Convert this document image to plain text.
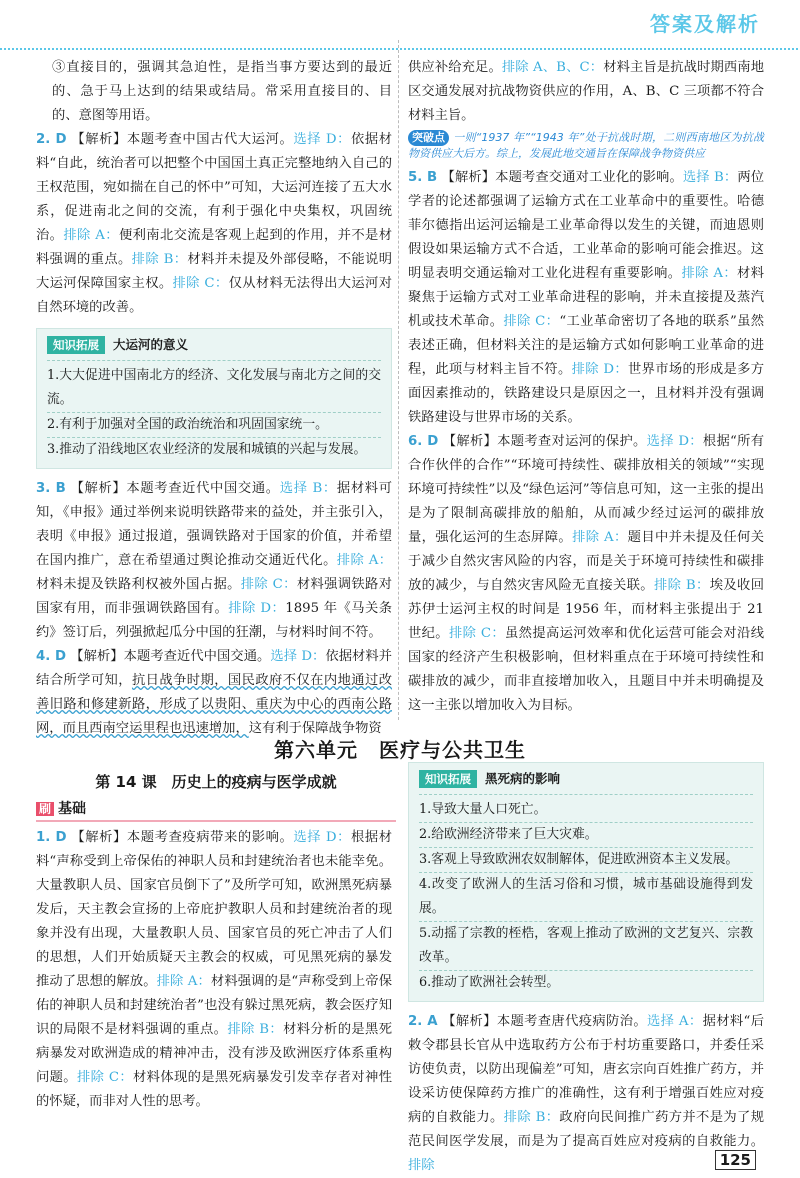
答案及解析

③直接目的，强调其急迫性，是指当事方要达到的最近的、急于马上达到的结果或结局。常采用直接目的、目的、意图等用语。

2. D 【解析】本题考查中国古代大运河。选择 D：依据材料“自此，统治者可以把整个中国国土真正完整地纳入自己的王权范围，宛如揣在自己的怀中”可知，大运河连接了五大水系，促进南北之间的交流，有利于强化中央集权，巩固统治。排除 A：便利南北交流是客观上起到的作用，并不是材料强调的重点。排除 B：材料并未提及外部侵略，不能说明大运河保障国家主权。排除 C：仅从材料无法得出大运河对自然环境的改善。

知识拓展	大运河的意义
1.大大促进中国南北方的经济、文化发展与南北方之间的交流。
2.有利于加强对全国的政治统治和巩固国家统一。
3.推动了沿线地区农业经济的发展和城镇的兴起与发展。

3. B 【解析】本题考查近代中国交通。选择 B：据材料可知，《申报》通过举例来说明铁路带来的益处，并主张引入，表明《申报》通过报道，强调铁路对于国家的价值，并希望在国内推广，意在希望通过舆论推动交通近代化。排除 A：材料未提及铁路利权被外国占据。排除 C：材料强调铁路对国家有用，而非强调铁路国有。排除 D：1895 年《马关条约》签订后，列强掀起瓜分中国的狂潮，与材料时间不符。

4. D 【解析】本题考查近代中国交通。选择 D：依据材料并结合所学可知，抗日战争时期，国民政府不仅在内地通过改善旧路和修建新路，形成了以贵阳、重庆为中心的西南公路网，而且西南空运里程也迅速增加，这有利于保障战争物资

供应补给充足。排除 A、B、C：材料主旨是抗战时期西南地区交通发展对抗战物资供应的作用，A、B、C 三项都不符合材料主旨。

突破点 一则“1937 年”“1943 年”处于抗战时期，二则西南地区为抗战物资供应大后方。综上，发展此地交通旨在保障战争物资供应

5. B 【解析】本题考查交通对工业化的影响。选择 B：两位学者的论述都强调了运输方式在工业革命中的重要性。哈德菲尔德指出运河运输是工业革命得以发生的关键，而迪恩则假设如果运输方式不合适，工业革命的影响可能会推迟。这明显表明交通运输对工业化进程有重要影响。排除 A：材料聚焦于运输方式对工业革命进程的影响，并未直接提及蒸汽机或技术革命。排除 C：“工业革命密切了各地的联系”虽然表述正确，但材料关注的是运输方式如何影响工业革命的进程，此项与材料主旨不符。排除 D：世界市场的形成是多方面因素推动的，铁路建设只是原因之一，且材料并没有强调铁路建设与世界市场的关系。

6. D 【解析】本题考查对运河的保护。选择 D：根据“所有合作伙伴的合作”“环境可持续性、碳排放相关的领域”“实现环境可持续性”以及“绿色运河”等信息可知，这一主张的提出是为了限制高碳排放的船舶，从而减少经过运河的碳排放量，强化运河的生态屏障。排除 A：题目中并未提及任何关于减少自然灾害风险的内容，而是关于环境可持续性和碳排放的减少，与自然灾害风险无直接关联。排除 B：埃及收回苏伊士运河主权的时间是 1956 年，而材料主张提出于 21 世纪。排除 C：虽然提高运河效率和优化运营可能会对沿线国家的经济产生积极影响，但材料重点在于环境可持续性和碳排放的减少，而非直接增加收入，且题目中并未明确提及这一主张以增加收入为目标。

第六单元　医疗与公共卫生
第 14 课　历史上的疫病与医学成就
刷 基础

1. D 【解析】本题考查疫病带来的影响。选择 D：根据材料“声称受到上帝保佑的神职人员和封建统治者也未能幸免。大量教职人员、国家官员倒下了”及所学可知，欧洲黑死病暴发后，天主教会宣扬的上帝庇护教职人员和封建统治者的现象并没有出现，大量教职人员、国家官员的死亡冲击了人们的思想，人们开始质疑天主教会的权威，可见黑死病的暴发推动了思想的解放。排除 A：材料强调的是“声称受到上帝保佑的神职人员和封建统治者”也没有躲过黑死病，教会医疗知识的局限不是材料强调的重点。排除 B：材料分析的是黑死病暴发对欧洲造成的精神冲击，没有涉及欧洲医疗体系重构问题。排除 C：材料体现的是黑死病暴发引发幸存者对神性的怀疑，而非对人性的思考。

知识拓展	黑死病的影响
1.导致大量人口死亡。
2.给欧洲经济带来了巨大灾难。
3.客观上导致欧洲农奴制解体，促进欧洲资本主义发展。
4.改变了欧洲人的生活习俗和习惯，城市基础设施得到发展。
5.动摇了宗教的桎梏，客观上推动了欧洲的文艺复兴、宗教改革。
6.推动了欧洲社会转型。

2. A 【解析】本题考查唐代疫病防治。选择 A：据材料“后敕令郡县长官从中选取药方公布于村坊重要路口，并委任采访使负责，以防出现偏差”可知，唐玄宗向百姓推广药方，并设采访使保障药方推广的准确性，这有利于增强百姓应对疫病的自救能力。排除 B：政府向民间推广药方并不是为了规范民间医学发展，而是为了提高百姓应对疫病的自救能力。排除	125
